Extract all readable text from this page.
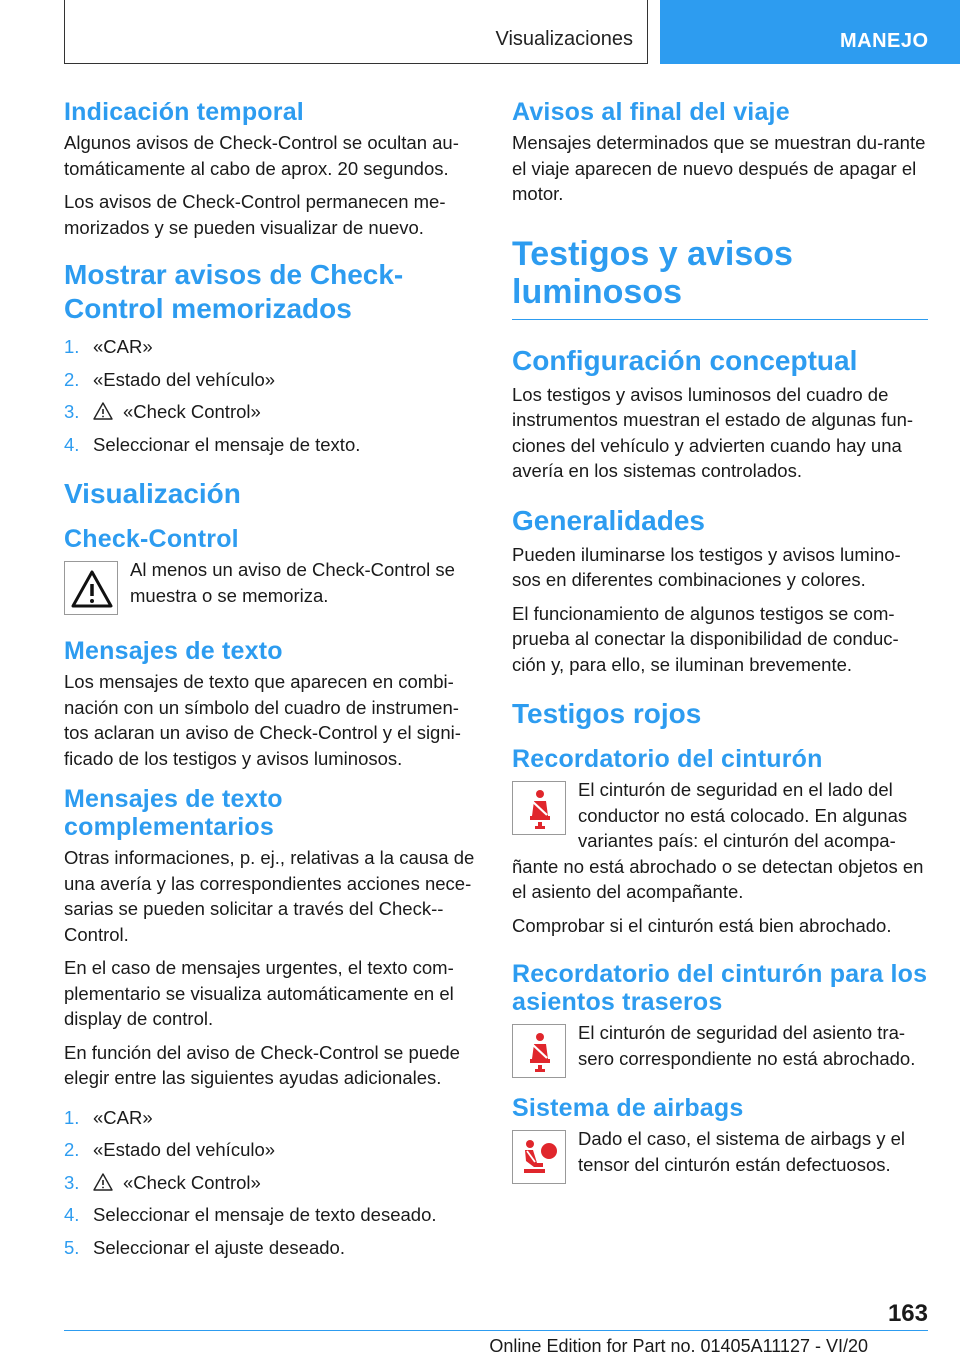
Visualizaciones	MANEJO
Indicación temporal

Algunos avisos de Check-Control se ocultan au-tomáticamente al cabo de aprox. 20 segundos.

Los avisos de Check-Control permanecen me-morizados y se pueden visualizar de nuevo.

Mostrar avisos de Check-Control memorizados
1. «CAR»
2. «Estado del vehículo»
3. «Check Control»
4. Seleccionar el mensaje de texto.
Visualización
Check-Control
Al menos un aviso de Check-Control se muestra o se memoriza.
Mensajes de texto

Los mensajes de texto que aparecen en combi-nación con un símbolo del cuadro de instrumen-tos aclaran un aviso de Check-Control y el signi-ficado de los testigos y avisos luminosos.

Mensajes de texto complementarios

Otras informaciones, p. ej., relativas a la causa de una avería y las correspondientes acciones nece-sarias se pueden solicitar a través del Check--Control.

En el caso de mensajes urgentes, el texto com-plementario se visualiza automáticamente en el display de control.

En función del aviso de Check-Control se puede elegir entre las siguientes ayudas adicionales.

1. «CAR»
2. «Estado del vehículo»
3. «Check Control»
4. Seleccionar el mensaje de texto deseado.
5. Seleccionar el ajuste deseado.
Avisos al final del viaje

Mensajes determinados que se muestran du-rante el viaje aparecen de nuevo después de apagar el motor.

Testigos y avisos luminosos
Configuración conceptual

Los testigos y avisos luminosos del cuadro de instrumentos muestran el estado de algunas fun-ciones del vehículo y advierten cuando hay una avería en los sistemas controlados.

Generalidades

Pueden iluminarse los testigos y avisos lumino-sos en diferentes combinaciones y colores.

El funcionamiento de algunos testigos se com-prueba al conectar la disponibilidad de conduc-ción y, para ello, se iluminan brevemente.

Testigos rojos
Recordatorio del cinturón
El cinturón de seguridad en el lado del conductor no está colocado. En algunas variantes país: el cinturón del acompa-

ñante no está abrochado o se detectan objetos en el asiento del acompañante.

Comprobar si el cinturón está bien abrochado.

Recordatorio del cinturón para los asientos traseros
El cinturón de seguridad del asiento tra-sero correspondiente no está abrochado.
Sistema de airbags
Dado el caso, el sistema de airbags y el tensor del cinturón están defectuosos.
163
Online Edition for Part no. 01405A11127 - VI/20
